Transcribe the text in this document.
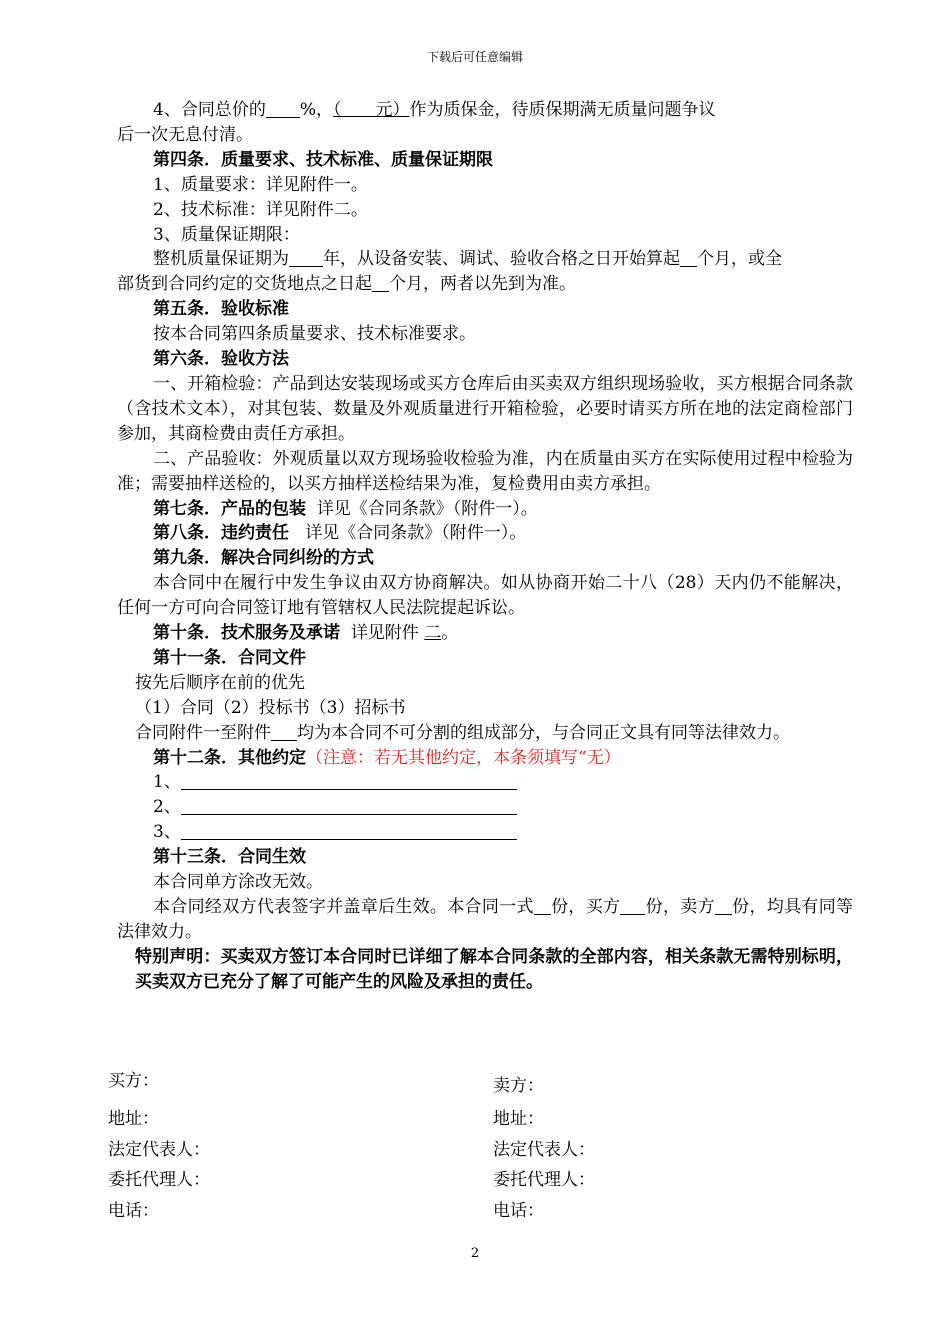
下载后可任意编辑

4、合同总价的 %，（　　 元）作为质保金，待质保期满无质量问题争议

后一次无息付清。

第四条．质量要求、技术标准、质量保证期限

1、质量要求：详见附件一。

2、技术标准：详见附件二。

3、质量保证期限：

整机质量保证期为 年，从设备安装、调试、验收合格之日开始算起 个月，或全

部货到合同约定的交货地点之日起 个月，两者以先到为准。

第五条．验收标准

按本合同第四条质量要求、技术标准要求。

第六条．验收方法

一、开箱检验：产品到达安装现场或买方仓库后由买卖双方组织现场验收，买方根据合同条款（含技术文本），对其包装、数量及外观质量进行开箱检验，必要时请买方所在地的法定商检部门参加，其商检费由责任方承担。

二、产品验收：外观质量以双方现场验收检验为准，内在质量由买方在实际使用过程中检验为准；需要抽样送检的，以买方抽样送检结果为准，复检费用由卖方承担。

第七条．产品的包装 详见《合同条款》（附件一）。

第八条．违约责任 详见《合同条款》（附件一）。

第九条．解决合同纠纷的方式

本合同中在履行中发生争议由双方协商解决。如从协商开始二十八（28）天内仍不能解决，任何一方可向合同签订地有管辖权人民法院提起诉讼。

第十条．技术服务及承诺 详见附件 二。

第十一条．合同文件

按先后顺序在前的优先

（1）合同（2）投标书（3）招标书

合同附件一至附件 均为本合同不可分割的组成部分，与合同正文具有同等法律效力。

第十二条．其他约定（注意：若无其他约定，本条须填写“无）

1、

2、

3、

第十三条．合同生效

本合同单方涂改无效。

本合同经双方代表签字并盖章后生效。本合同一式 份，买方 份，卖方 份，均具有同等法律效力。

特别声明：买卖双方签订本合同时已详细了解本合同条款的全部内容，相关条款无需特别标明，买卖双方已充分了解了可能产生的风险及承担的责任。

买方：
地址：
法定代表人：
委托代理人：
电话：
卖方：
地址：
法定代表人：
委托代理人：
电话：
2
